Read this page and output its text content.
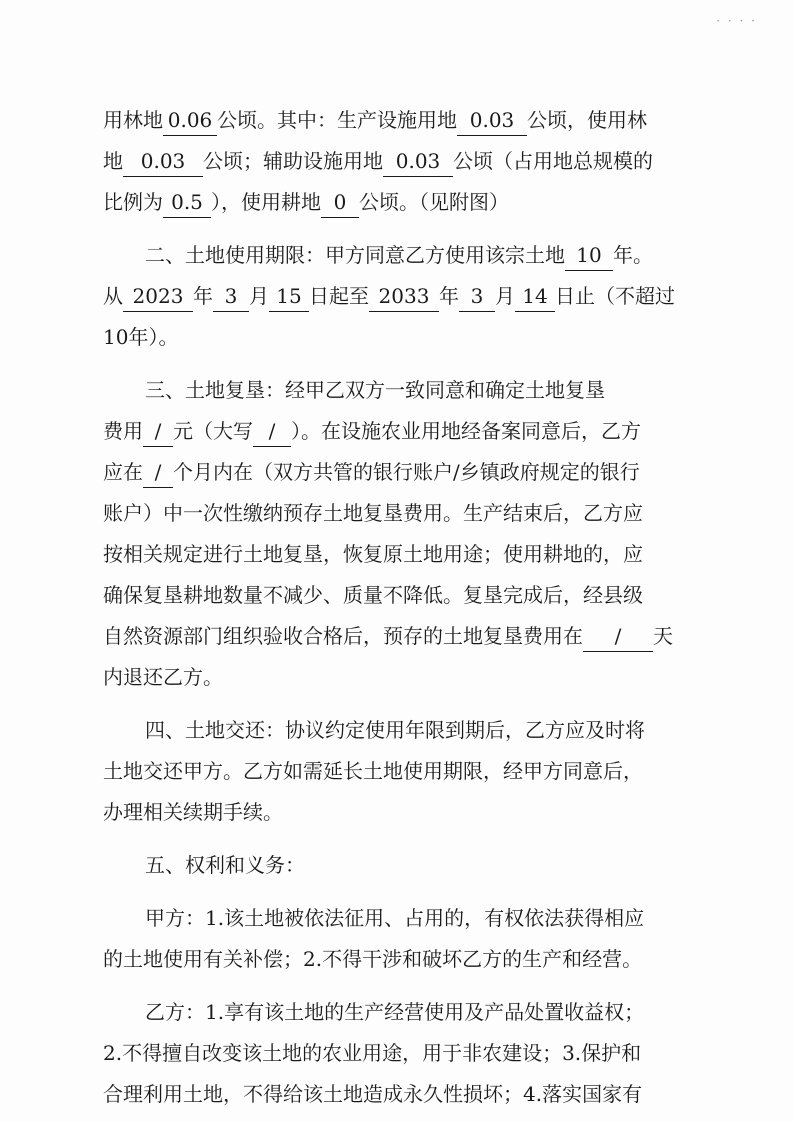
· · · ·
用林地 0.06 公顷。其中：生产设施用地 0.03 公顷，使用林
地 0.03 公顷；辅助设施用地 0.03 公顷（占用地总规模的
比例为 0.5 ），使用耕地 0 公顷。（见附图）
二、土地使用期限：甲方同意乙方使用该宗土地 10 年。
从 2023 年 3 月 15 日起至 2033 年 3 月 14 日止（不超过
10年）。
三、土地复垦：经甲乙双方一致同意和确定土地复垦
费用 / 元（大写 / ）。在设施农业用地经备案同意后，乙方
应在 / 个月内在（双方共管的银行账户/乡镇政府规定的银行
账户）中一次性缴纳预存土地复垦费用。生产结束后，乙方应
按相关规定进行土地复垦，恢复原土地用途；使用耕地的，应
确保复垦耕地数量不减少、质量不降低。复垦完成后，经县级
自然资源部门组织验收合格后，预存的土地复垦费用在 / 天
内退还乙方。
四、土地交还：协议约定使用年限到期后，乙方应及时将
土地交还甲方。乙方如需延长土地使用期限，经甲方同意后，
办理相关续期手续。
五、权利和义务：
甲方：1.该土地被依法征用、占用的，有权依法获得相应
的土地使用有关补偿；2.不得干涉和破坏乙方的生产和经营。
乙方：1.享有该土地的生产经营使用及产品处置收益权；
2.不得擅自改变该土地的农业用途，用于非农建设；3.保护和
合理利用土地，不得给该土地造成永久性损坏；4.落实国家有
